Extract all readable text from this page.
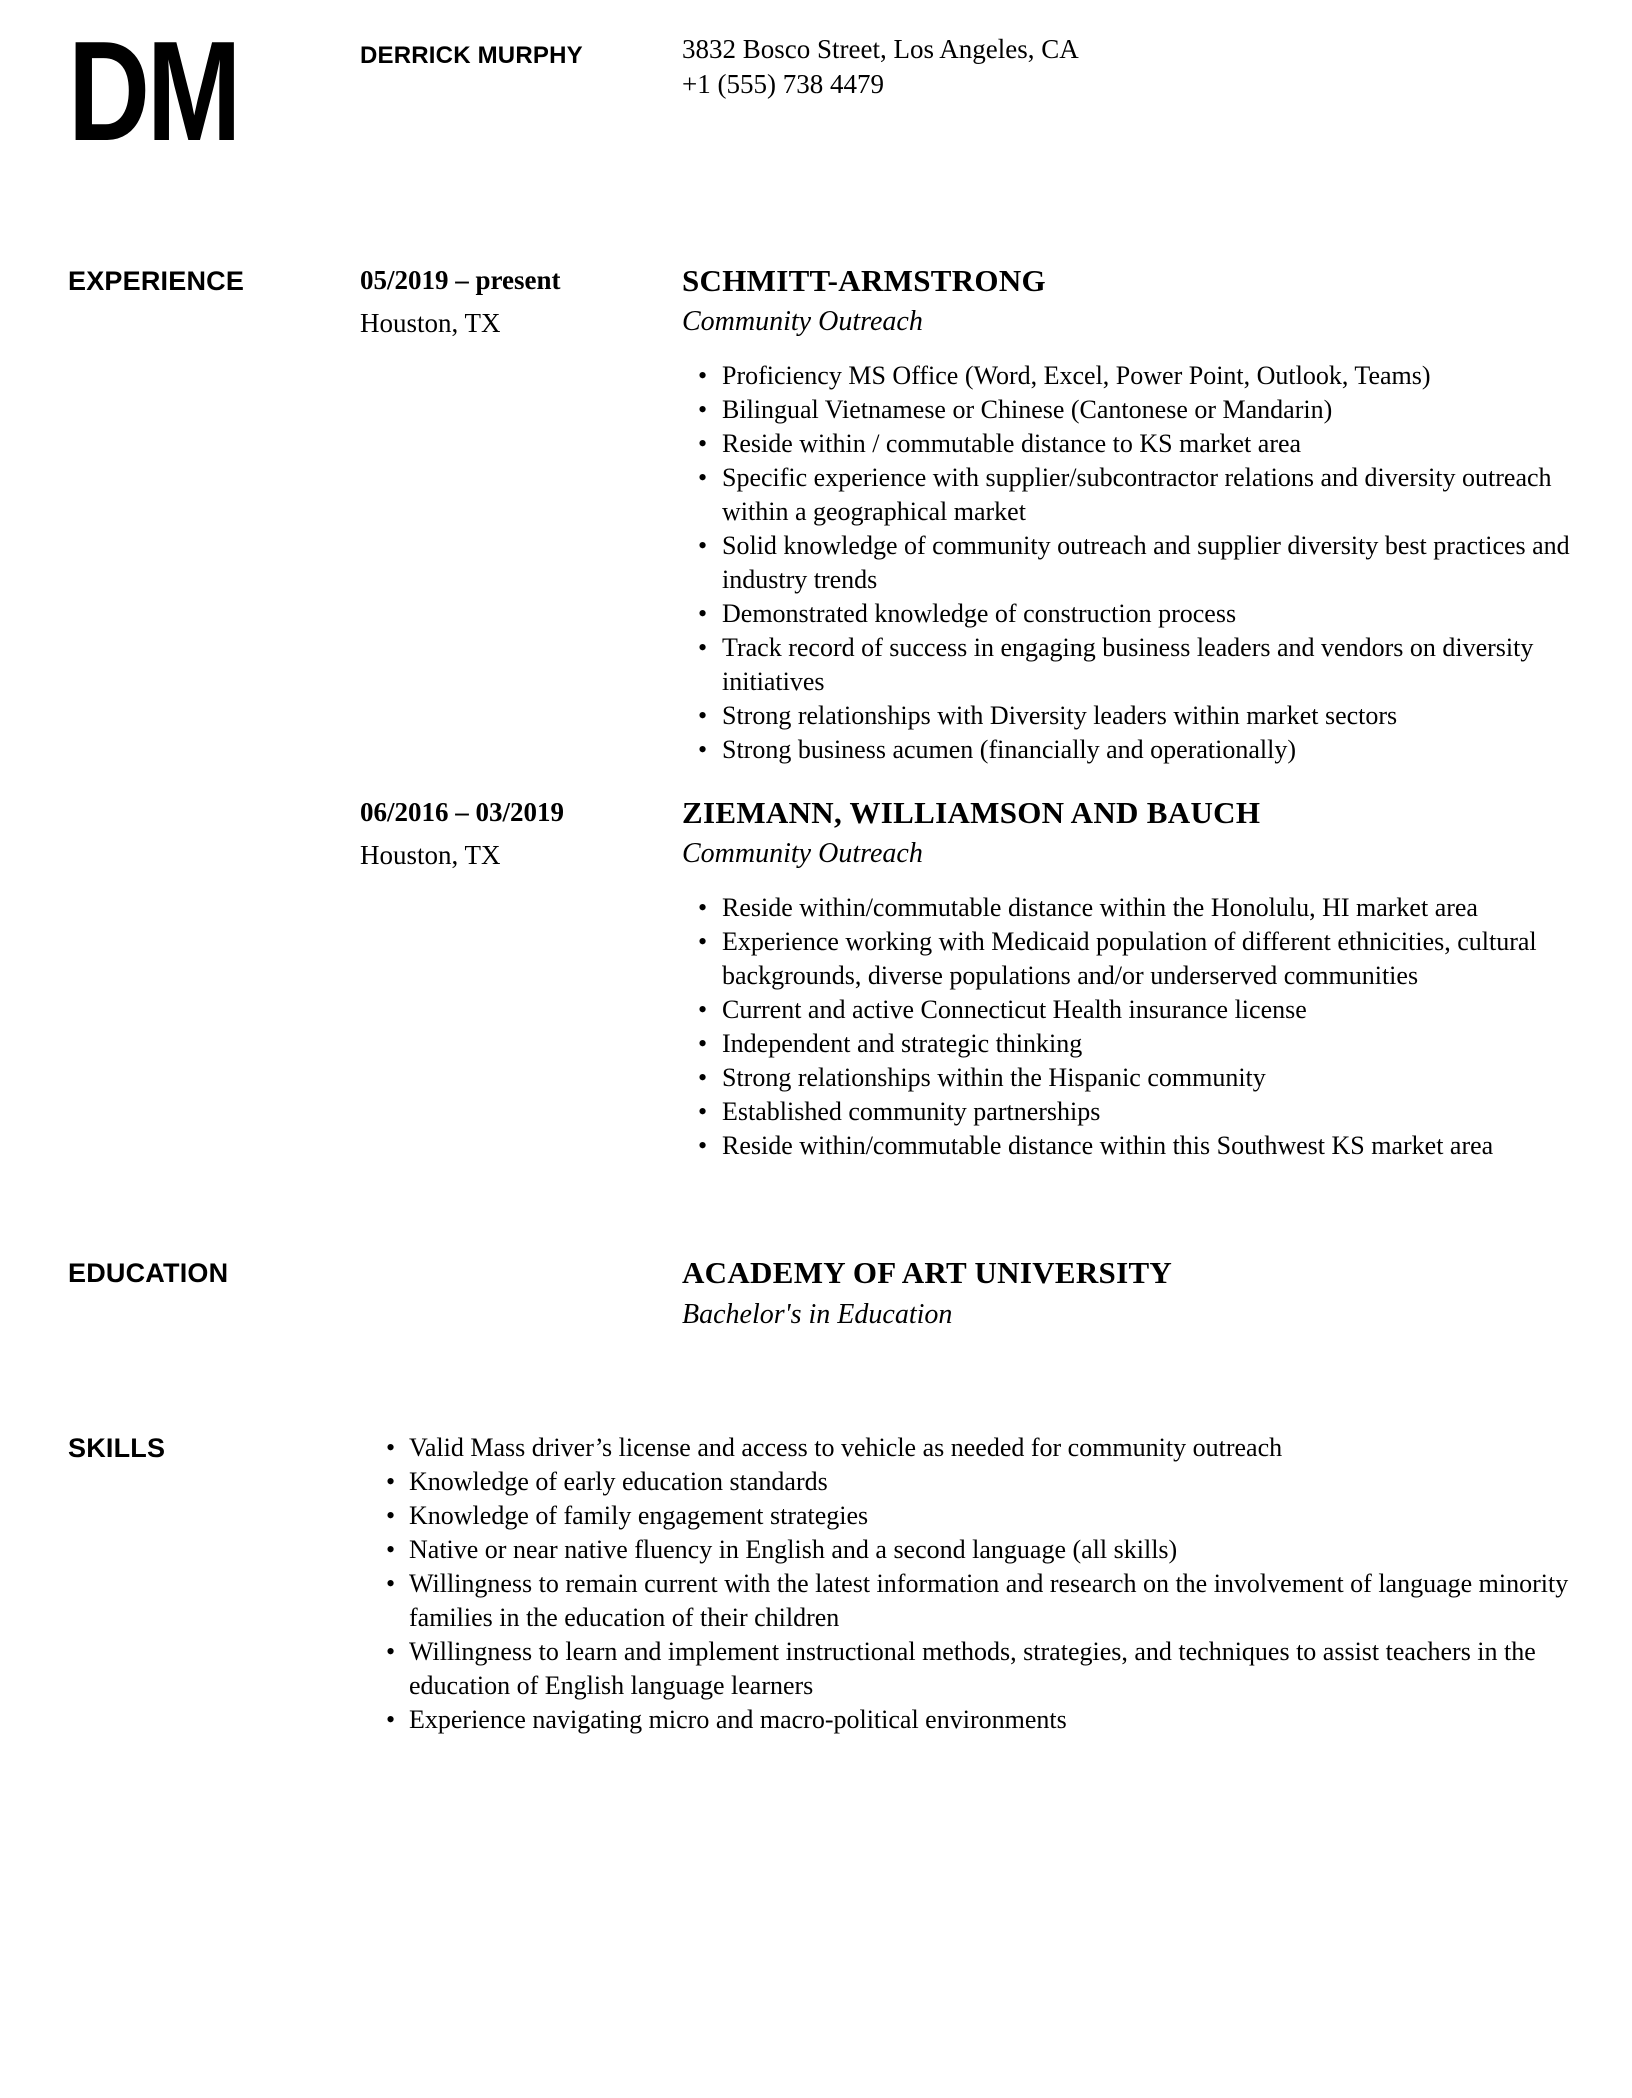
DM	DERRICK MURPHY	3832 Bosco Street, Los Angeles, CA
+1 (555) 738 4479
EXPERIENCE	05/2019 – present
Houston, TX
SCHMITT-ARMSTRONG
Community Outreach
• Proficiency MS Office (Word, Excel, Power Point, Outlook, Teams)
• Bilingual Vietnamese or Chinese (Cantonese or Mandarin)
• Reside within / commutable distance to KS market area
• Specific experience with supplier/subcontractor relations and diversity outreach within a geographical market
• Solid knowledge of community outreach and supplier diversity best practices and industry trends
• Demonstrated knowledge of construction process
• Track record of success in engaging business leaders and vendors on diversity initiatives
• Strong relationships with Diversity leaders within market sectors
• Strong business acumen (financially and operationally)
06/2016 – 03/2019
Houston, TX
ZIEMANN, WILLIAMSON AND BAUCH
Community Outreach
• Reside within/commutable distance within the Honolulu, HI market area
• Experience working with Medicaid population of different ethnicities, cultural backgrounds, diverse populations and/or underserved communities
• Current and active Connecticut Health insurance license
• Independent and strategic thinking
• Strong relationships within the Hispanic community
• Established community partnerships
• Reside within/commutable distance within this Southwest KS market area
EDUCATION	ACADEMY OF ART UNIVERSITY
Bachelor's in Education
SKILLS	• Valid Mass driver’s license and access to vehicle as needed for community outreach
• Knowledge of early education standards
• Knowledge of family engagement strategies
• Native or near native fluency in English and a second language (all skills)
• Willingness to remain current with the latest information and research on the involvement of language minority families in the education of their children
• Willingness to learn and implement instructional methods, strategies, and techniques to assist teachers in the education of English language learners
• Experience navigating micro and macro-political environments
